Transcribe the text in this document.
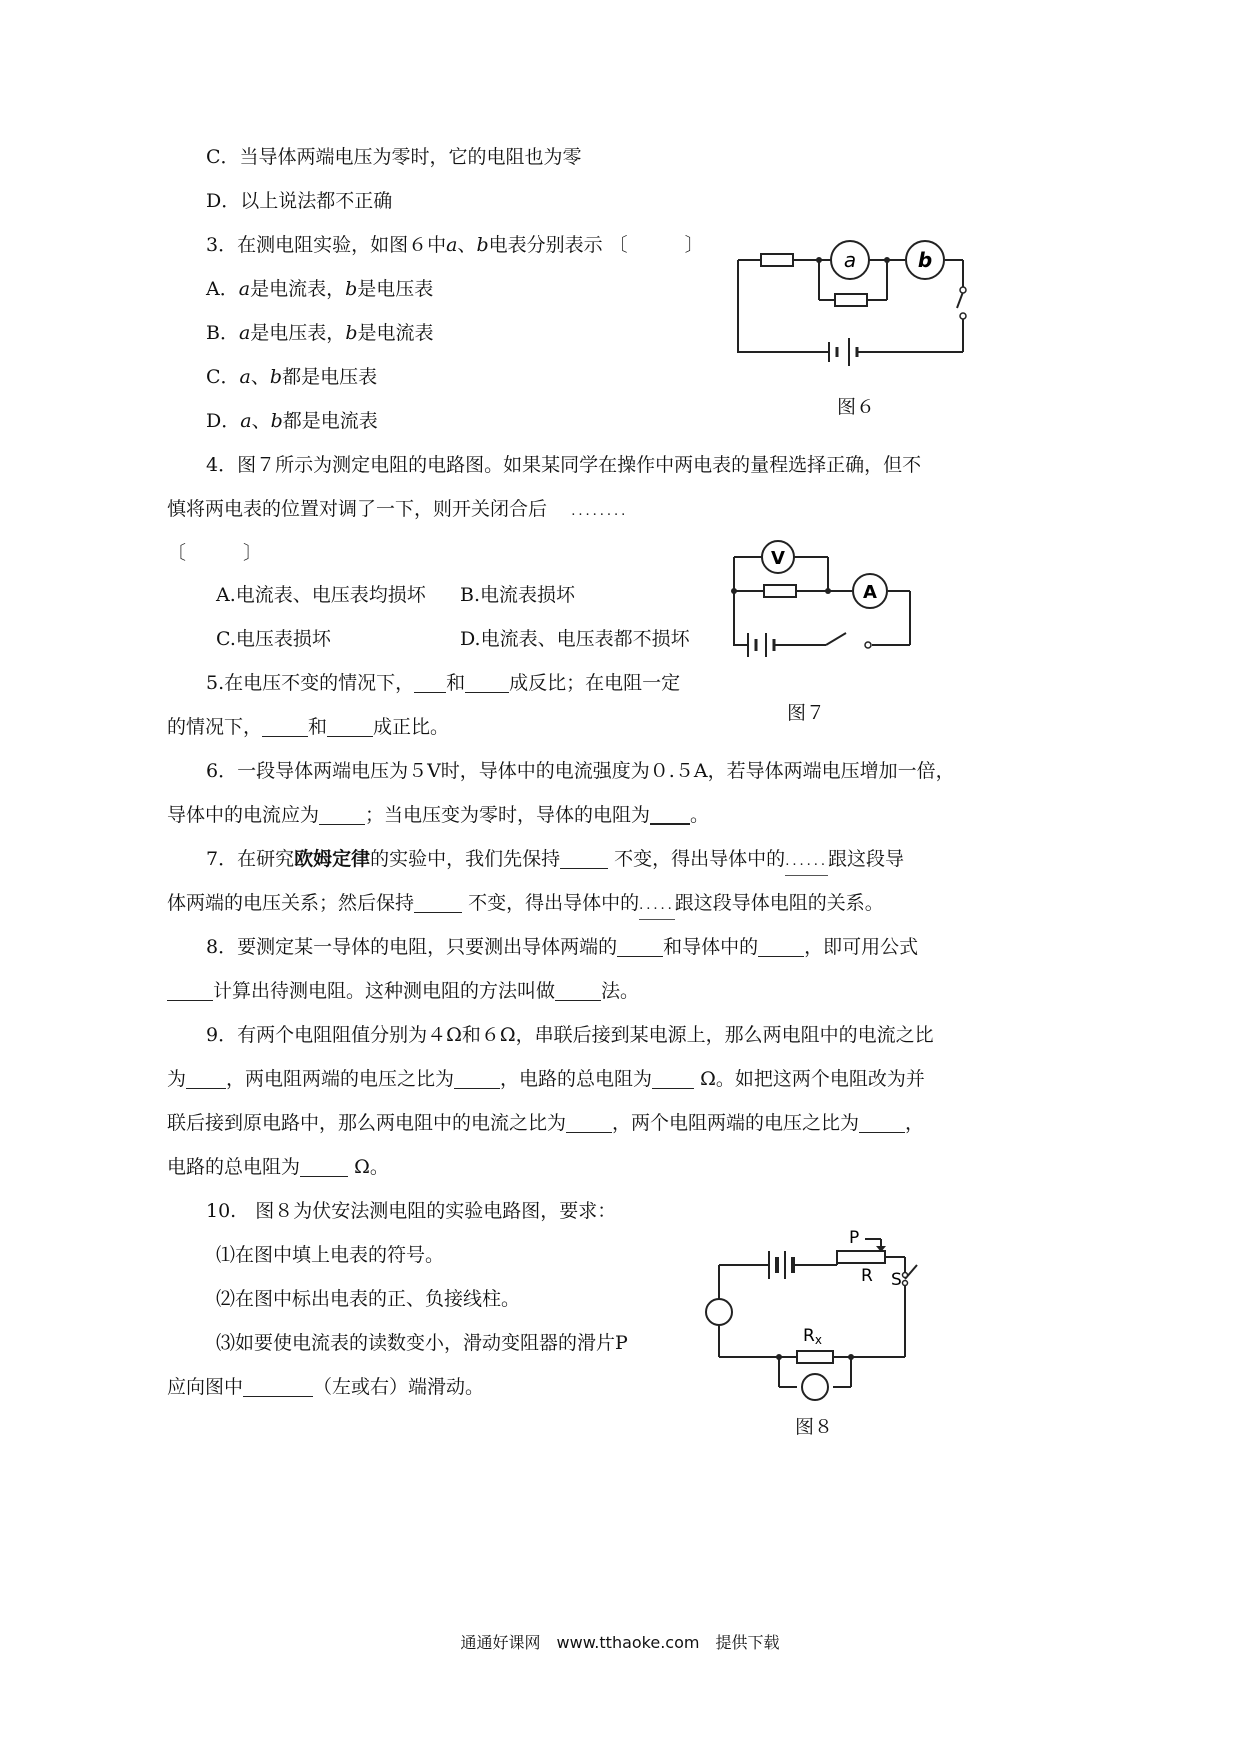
C．当导体两端电压为零时，它的电阻也为零
D．以上说法都不正确
3．在测电阻实验，如图６中a、b电表分别表示 〔　　　〕
A．a是电流表，b是电压表
B．a是电压表，b是电流表
C．a、b都是电压表
D．a、b都是电流表
a	b
图６
4．图７所示为测定电阻的电路图。如果某同学在操作中两电表的量程选择正确，但不
慎将两电表的位置对调了一下，则开关闭合后 ........
〔　　　〕
A.电流表、电压表均损坏 B.电流表损坏
C.电压表损坏	D.电流表、电压表都不损坏
V
A
图７
5.在电压不变的情况下， 和 成反比；在电阻一定
的情况下， 和 成正比。
6．一段导体两端电压为５V时，导体中的电流强度为０.５A，若导体两端电压增加一倍，
导体中的电流应为 ；当电压变为零时，导体的电阻为 。
7．在研究欧姆定律的实验中，我们先保持	不变，得出导体中的......跟这段导
体两端的电压关系；然后保持	不变，得出导体中的.....跟这段导体电阻的关系。
8．要测定某一导体的电阻，只要测出导体两端的 和导体中的 ，即可用公式
计算出待测电阻。这种测电阻的方法叫做 法。
9．有两个电阻阻值分别为４Ω和６Ω，串联后接到某电源上，那么两电阻中的电流之比
为 ，两电阻两端的电压之比为 ，电路的总电阻为	Ω。如把这两个电阻改为并
联后接到原电路中，那么两电阻中的电流之比为 ，两个电阻两端的电压之比为 ，
电路的总电阻为	Ω。
10.　图８为伏安法测电阻的实验电路图，要求：
⑴在图中填上电表的符号。
⑵在图中标出电表的正、负接线柱。
⑶如要使电流表的读数变小，滑动变阻器的滑片P
应向图中	（左或右）端滑动。
P
R S
Rx
图８
通通好课网　www.tthaoke.com　提供下载
